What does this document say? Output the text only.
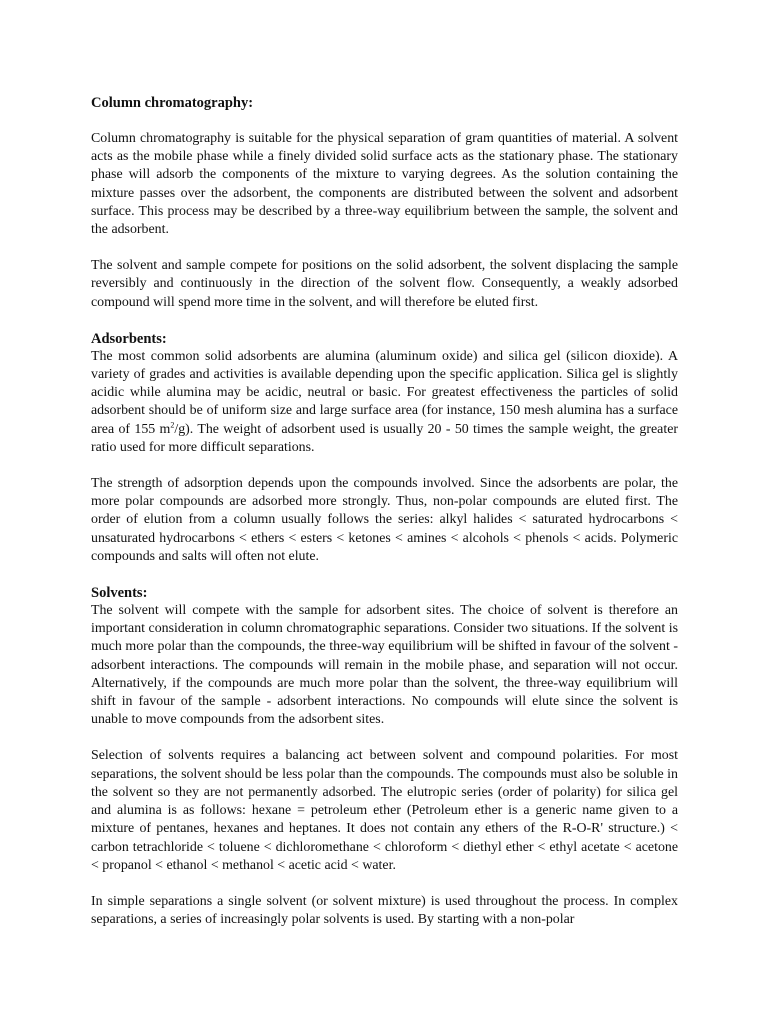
Column chromatography:

Column chromatography is suitable for the physical separation of gram quantities of material. A solvent acts as the mobile phase while a finely divided solid surface acts as the stationary phase. The stationary phase will adsorb the components of the mixture to varying degrees. As the solution containing the mixture passes over the adsorbent, the components are distributed between the solvent and adsorbent surface. This process may be described by a three-way equilibrium between the sample, the solvent and the adsorbent.

The solvent and sample compete for positions on the solid adsorbent, the solvent displacing the sample reversibly and continuously in the direction of the solvent flow. Consequently, a weakly adsorbed compound will spend more time in the solvent, and will therefore be eluted first.

Adsorbents:

The most common solid adsorbents are alumina (aluminum oxide) and silica gel (silicon dioxide). A variety of grades and activities is available depending upon the specific application. Silica gel is slightly acidic while alumina may be acidic, neutral or basic. For greatest effectiveness the particles of solid adsorbent should be of uniform size and large surface area (for instance, 150 mesh alumina has a surface area of 155 $m^2/g$). The weight of adsorbent used is usually 20 - 50 times the sample weight, the greater ratio used for more difficult separations.

The strength of adsorption depends upon the compounds involved. Since the adsorbents are polar, the more polar compounds are adsorbed more strongly. Thus, non-polar compounds are eluted first. The order of elution from a column usually follows the series: alkyl halides < saturated hydrocarbons < unsaturated hydrocarbons < ethers < esters < ketones < amines < alcohols < phenols < acids. Polymeric compounds and salts will often not elute.

Solvents:

The solvent will compete with the sample for adsorbent sites. The choice of solvent is therefore an important consideration in column chromatographic separations. Consider two situations. If the solvent is much more polar than the compounds, the three-way equilibrium will be shifted in favour of the solvent - adsorbent interactions. The compounds will remain in the mobile phase, and separation will not occur. Alternatively, if the compounds are much more polar than the solvent, the three-way equilibrium will shift in favour of the sample - adsorbent interactions. No compounds will elute since the solvent is unable to move compounds from the adsorbent sites.

Selection of solvents requires a balancing act between solvent and compound polarities. For most separations, the solvent should be less polar than the compounds. The compounds must also be soluble in the solvent so they are not permanently adsorbed. The elutropic series (order of polarity) for silica gel and alumina is as follows: hexane = petroleum ether (Petroleum ether is a generic name given to a mixture of pentanes, hexanes and heptanes. It does not contain any ethers of the R-O-R' structure.) < carbon tetrachloride < toluene < dichloromethane < chloroform < diethyl ether < ethyl acetate < acetone < propanol < ethanol < methanol < acetic acid < water.

In simple separations a single solvent (or solvent mixture) is used throughout the process. In complex separations, a series of increasingly polar solvents is used. By starting with a non-polar
